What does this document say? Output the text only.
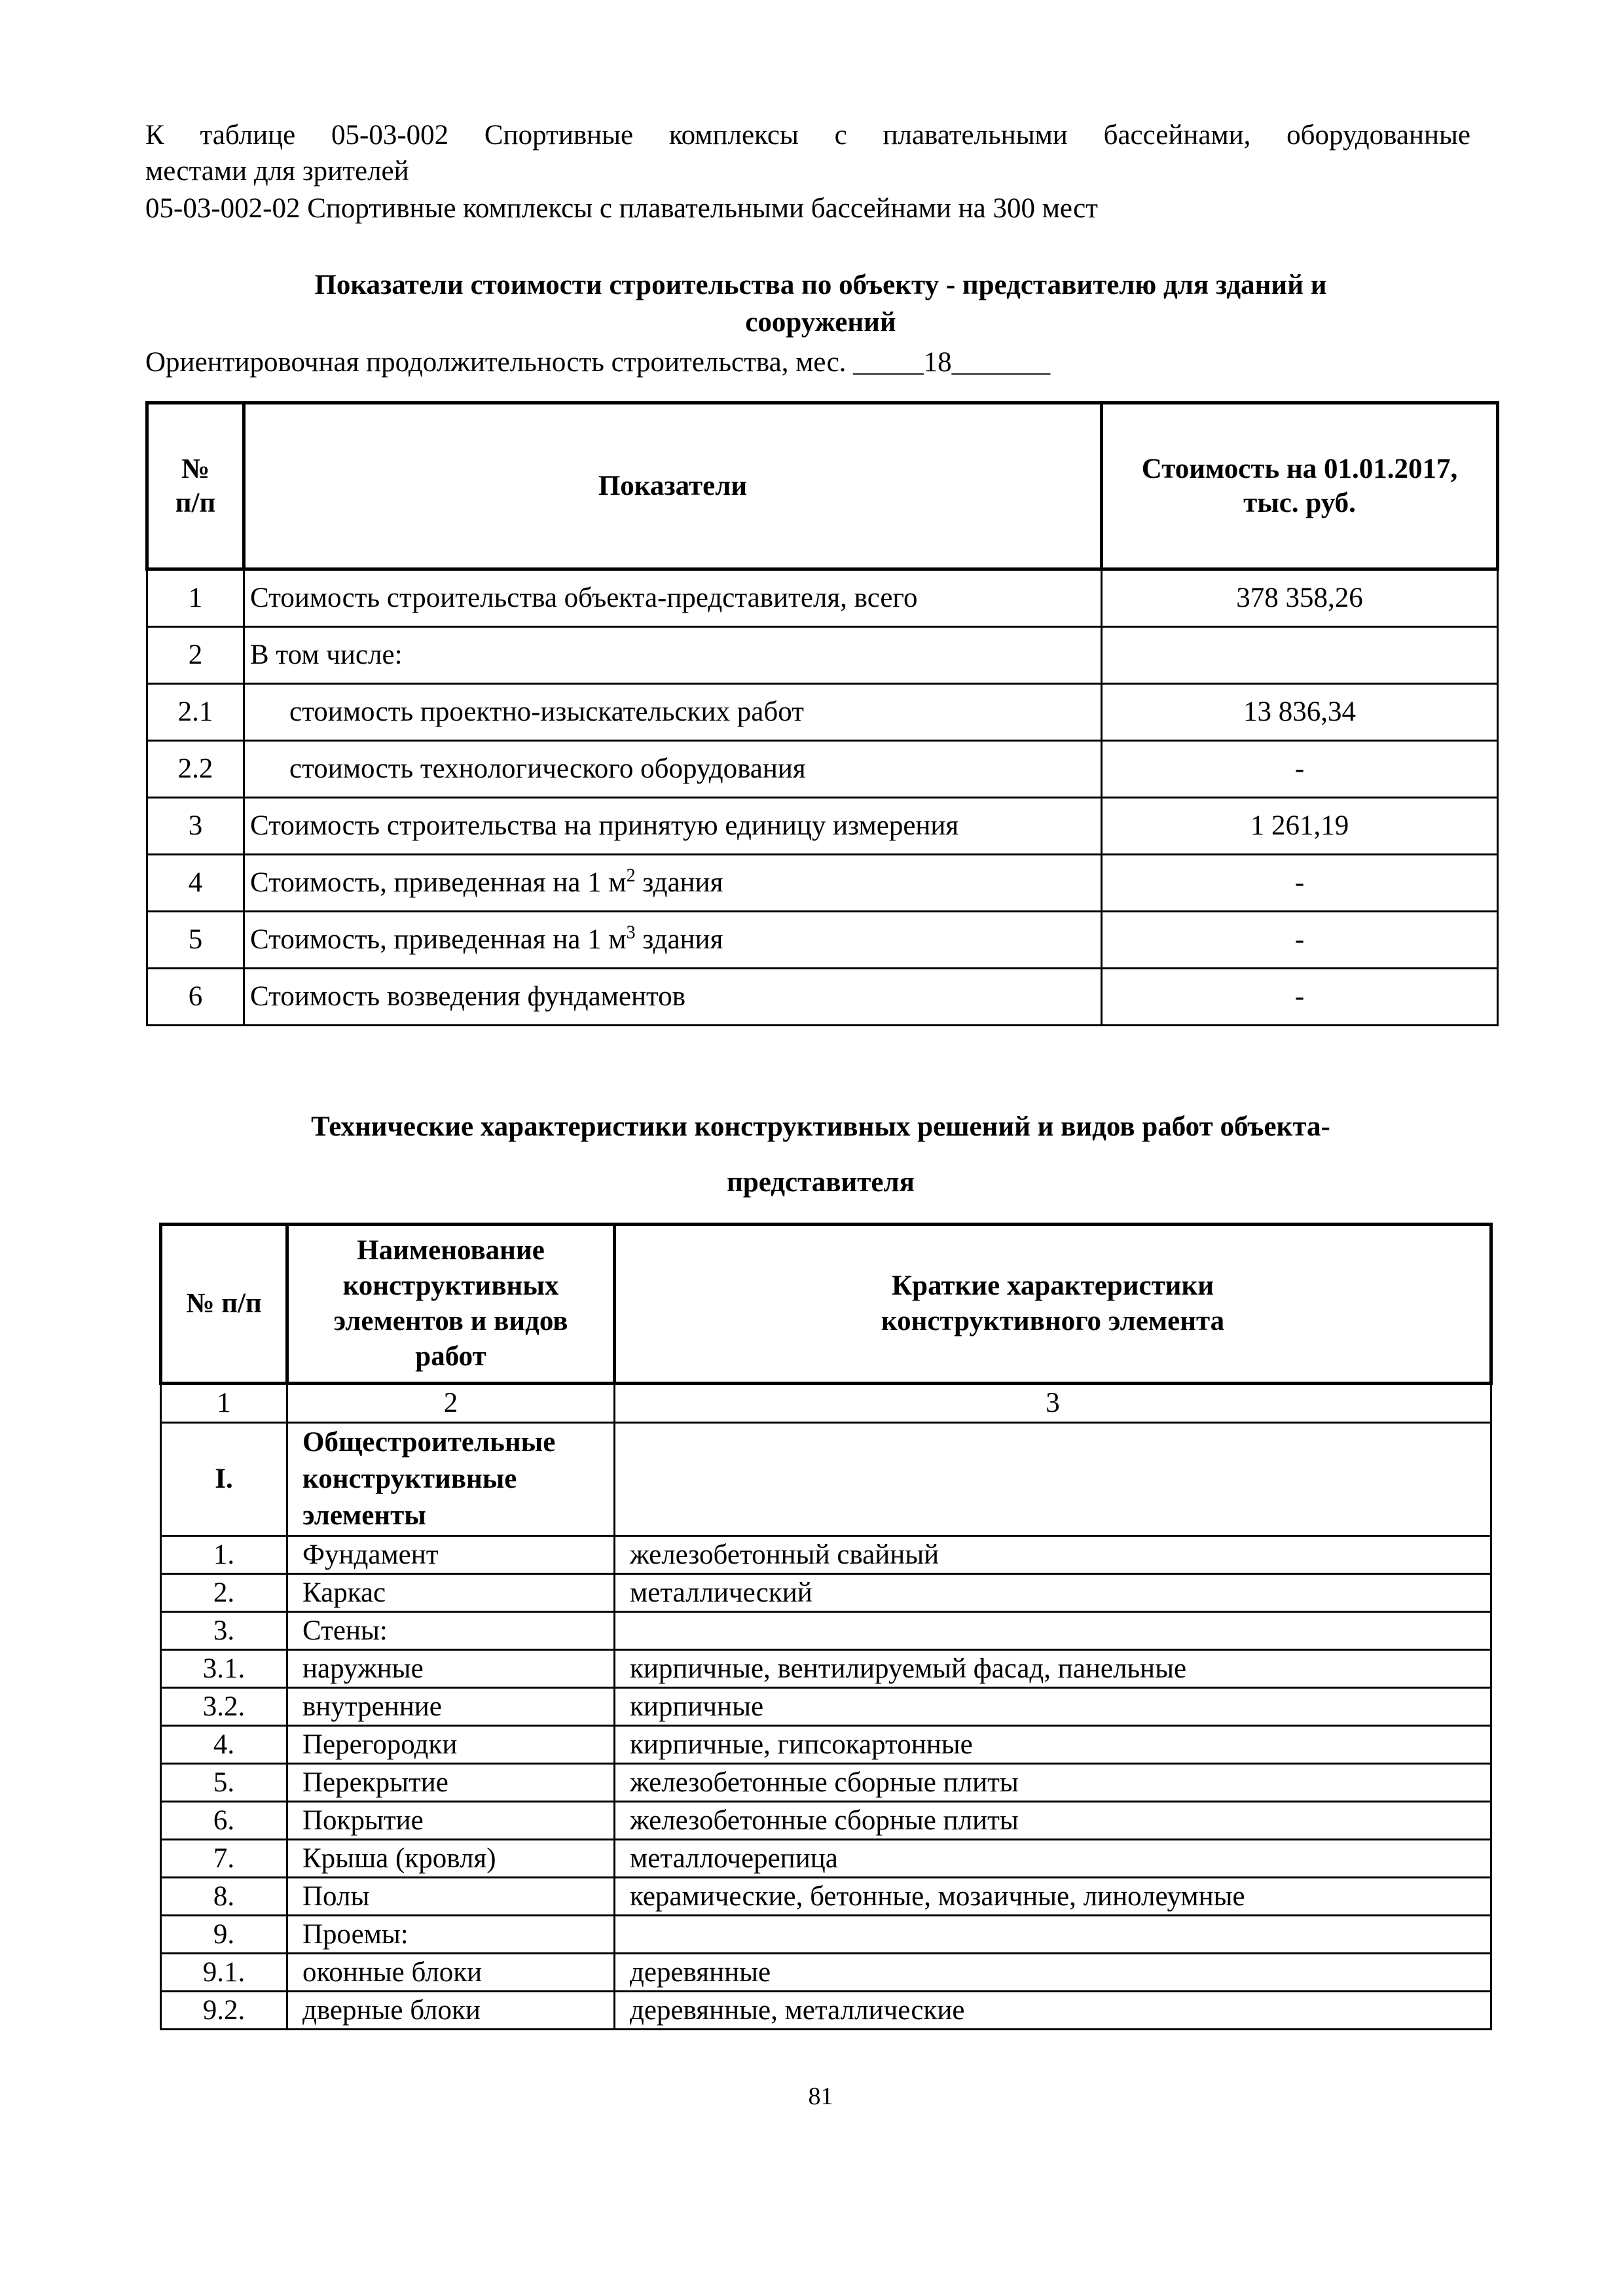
К таблице 05-03-002 Спортивные комплексы с плавательными бассейнами, оборудованные
местами для зрителей
05-03-002-02 Спортивные комплексы с плавательными бассейнами на 300 мест
Показатели стоимости строительства по объекту - представителю для зданий и
сооружений
Ориентировочная продолжительность строительства, мес. _____18_______
№
п/п	Показатели	Стоимость на 01.01.2017,
тыс. руб.
1	Стоимость строительства объекта-представителя, всего	378 358,26
2	В том числе:	
2.1	стоимость проектно-изыскательских работ	13 836,34
2.2	стоимость технологического оборудования	-
3	Стоимость строительства на принятую единицу измерения	1 261,19
4	Стоимость, приведенная на 1 $м^2$ здания	-
5	Стоимость, приведенная на 1 $м^3$ здания	-
6	Стоимость возведения фундаментов	-
Технические характеристики конструктивных решений и видов работ объекта-
представителя
№ п/п	Наименование
конструктивных
элементов и видов
работ	Краткие характеристики
конструктивного элемента
1	2	3
I.	Общестроительные
конструктивные
элементы	
1.	Фундамент	железобетонный свайный
2.	Каркас	металлический
3.	Стены:	
3.1.	наружные	кирпичные, вентилируемый фасад, панельные
3.2.	внутренние	кирпичные
4.	Перегородки	кирпичные, гипсокартонные
5.	Перекрытие	железобетонные сборные плиты
6.	Покрытие	железобетонные сборные плиты
7.	Крыша (кровля)	металлочерепица
8.	Полы	керамические, бетонные, мозаичные, линолеумные
9.	Проемы:	
9.1.	оконные блоки	деревянные
9.2.	дверные блоки	деревянные, металлические
81
